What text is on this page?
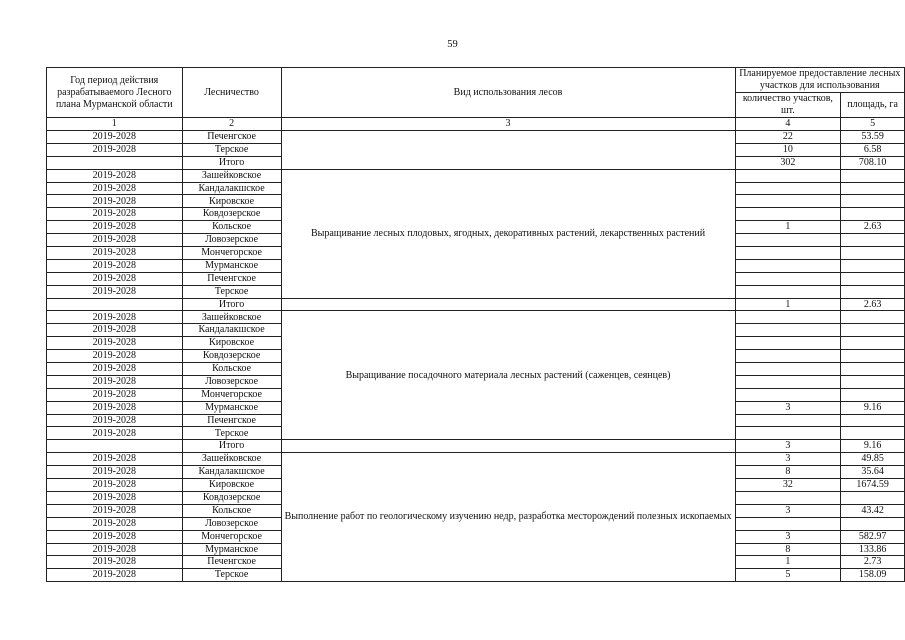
59
Год период действия разрабатываемого Лесного плана Мурманской области	Лесничество	Вид использования лесов	Планируемое предоставление лесных участков для использования	
			количество участков, шт.	площадь, га
1	2	3	4	5
2019-2028	Печенгское		22	53.59
2019-2028	Терское		10	6.58
	Итого		302	708.10
2019-2028	Зашейковское	Выращивание лесных плодовых, ягодных, декоративных растений, лекарственных растений		
2019-2028	Кандалакшское			
2019-2028	Кировское			
2019-2028	Ковдозерское			
2019-2028	Кольское		1	2.63
2019-2028	Ловозерское			
2019-2028	Мончегорское			
2019-2028	Мурманское			
2019-2028	Печенгское			
2019-2028	Терское			
	Итого		1	2.63
2019-2028	Зашейковское	Выращивание посадочного материала лесных растений (саженцев, сеянцев)		
2019-2028	Кандалакшское			
2019-2028	Кировское			
2019-2028	Ковдозерское			
2019-2028	Кольское			
2019-2028	Ловозерское			
2019-2028	Мончегорское			
2019-2028	Мурманское		3	9.16
2019-2028	Печенгское			
2019-2028	Терское			
	Итого		3	9.16
2019-2028	Зашейковское	Выполнение работ по геологическому изучению недр, разработка месторождений полезных ископаемых	3	49.85
2019-2028	Кандалакшское		8	35.64
2019-2028	Кировское		32	1674.59
2019-2028	Ковдозерское			
2019-2028	Кольское		3	43.42
2019-2028	Ловозерское			
2019-2028	Мончегорское		3	582.97
2019-2028	Мурманское		8	133.86
2019-2028	Печенгское		1	2.73
2019-2028	Терское		5	158.09
